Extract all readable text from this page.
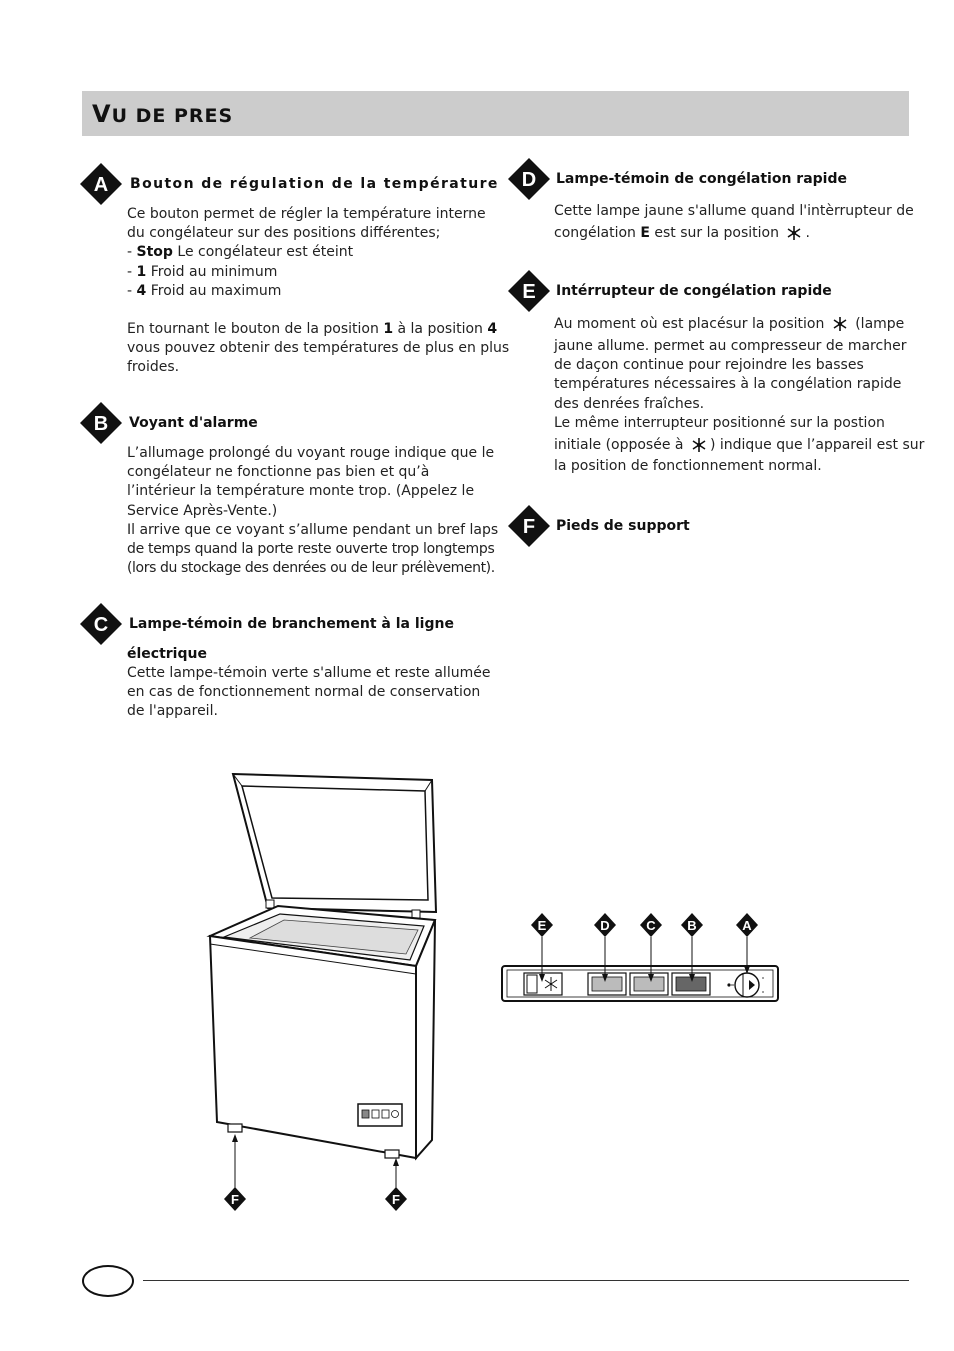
VU DE PRES
A Bouton de régulation de la température
Ce bouton permet de régler la température interne
du congélateur sur des positions différentes;
- Stop Le congélateur est éteint
- 1 Froid au minimum
- 4 Froid au maximum
En tournant le bouton de la position 1 à la position 4
vous pouvez obtenir des températures de plus en plus
froides.
B Voyant d'alarme
L’allumage prolongé du voyant rouge indique que le
congélateur ne fonctionne pas bien et qu’à
l’intérieur la température monte trop. (Appelez le
Service Après-Vente.)
Il arrive que ce voyant s’allume pendant un bref laps
de temps quand la porte reste ouverte trop longtemps
(lors du stockage des denrées ou de leur prélèvement).
C Lampe-témoin de branchement à la ligne
électrique
Cette lampe-témoin verte s'allume et reste allumée
en cas de fonctionnement normal de conservation
de l'appareil.
D Lampe-témoin de congélation rapide
Cette lampe jaune s'allume quand l'intèrrupteur de
congélation E est sur la position .
E Intérrupteur de congélation rapide
Au moment où est placésur la position  (lampe
jaune allume. permet au compresseur de marcher
de daçon continue pour rejoindre les basses
températures nécessaires à la congélation rapide
des denrées fraîches.
Le même interrupteur positionné sur la postion
initiale (opposée à ) indique que l’appareil est sur
la position de fonctionnement normal.
F Pieds de support
F	F
E	D	C B	A
